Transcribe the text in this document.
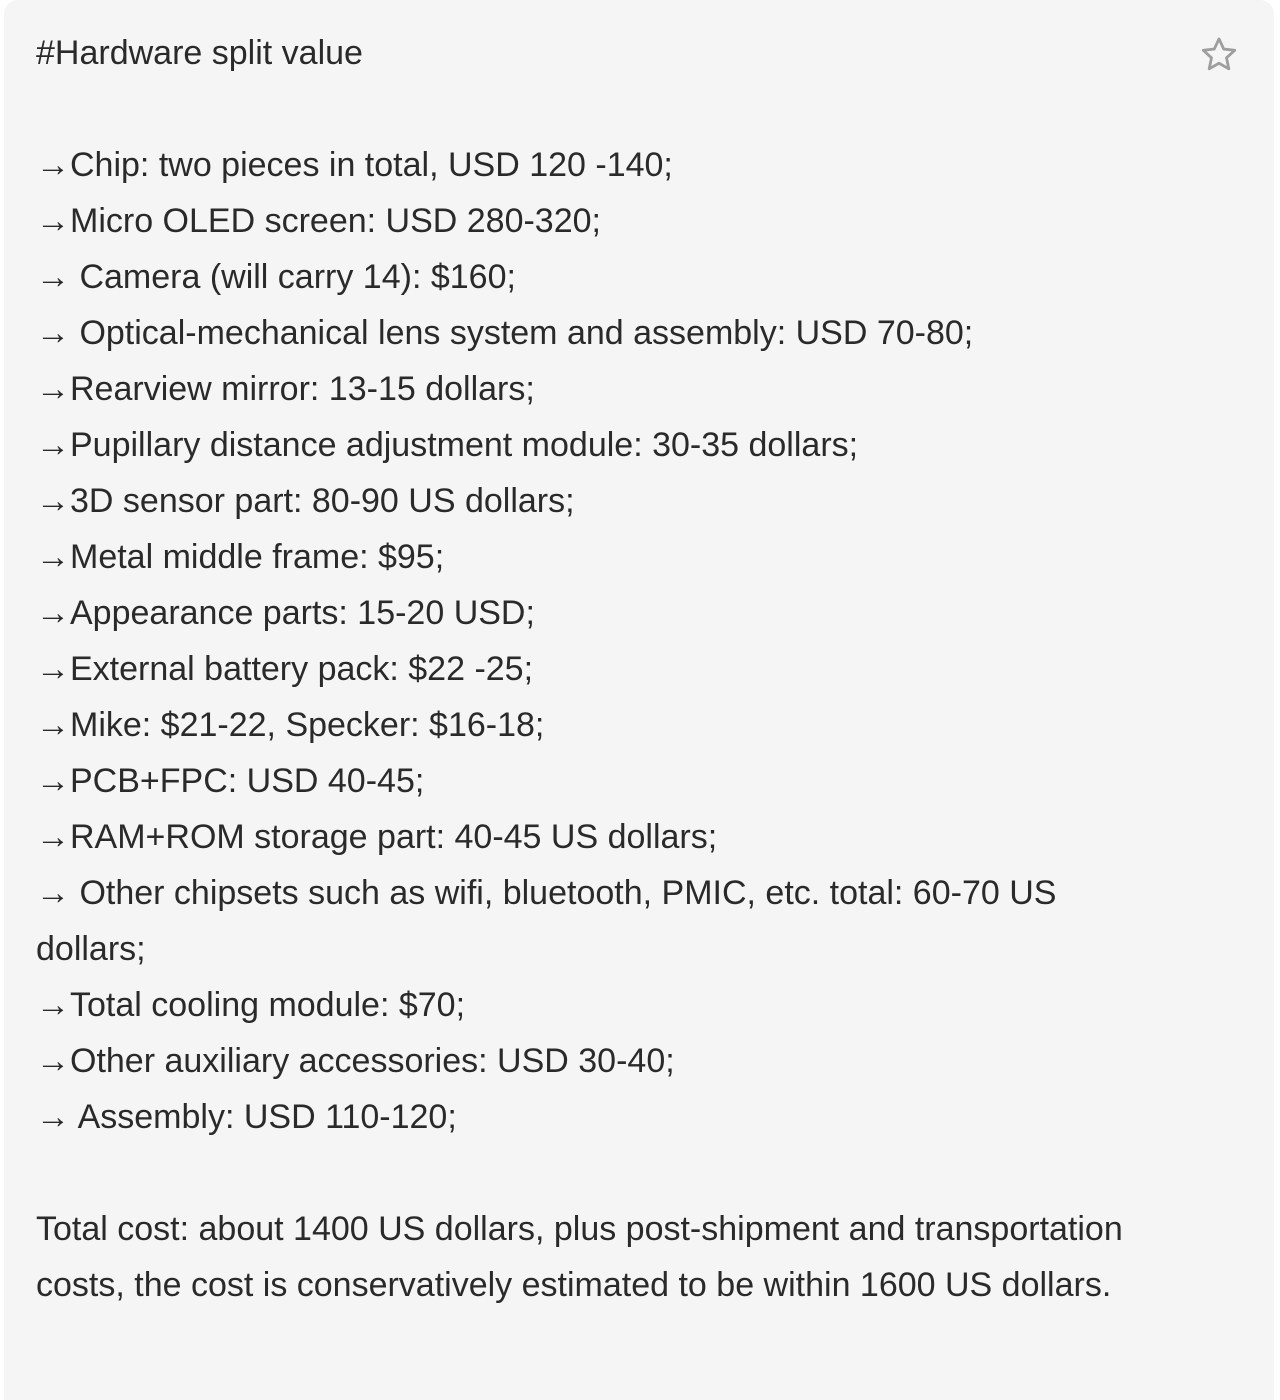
#Hardware split value

→Chip: two pieces in total, USD 120 -140;

→Micro OLED screen: USD 280-320;

→ Camera (will carry 14): $160;

→ Optical-mechanical lens system and assembly: USD 70-80;

→Rearview mirror: 13-15 dollars;

→Pupillary distance adjustment module: 30-35 dollars;

→3D sensor part: 80-90 US dollars;

→Metal middle frame: $95;

→Appearance parts: 15-20 USD;

→External battery pack: $22 -25;

→Mike: $21-22, Specker: $16-18;

→PCB+FPC: USD 40-45;

→RAM+ROM storage part: 40-45 US dollars;

→ Other chipsets such as wifi, bluetooth, PMIC, etc. total: 60-70 US dollars;

→Total cooling module: $70;

→Other auxiliary accessories: USD 30-40;

→ Assembly: USD 110-120;

Total cost: about 1400 US dollars, plus post-shipment and transportation costs, the cost is conservatively estimated to be within 1600 US dollars.
